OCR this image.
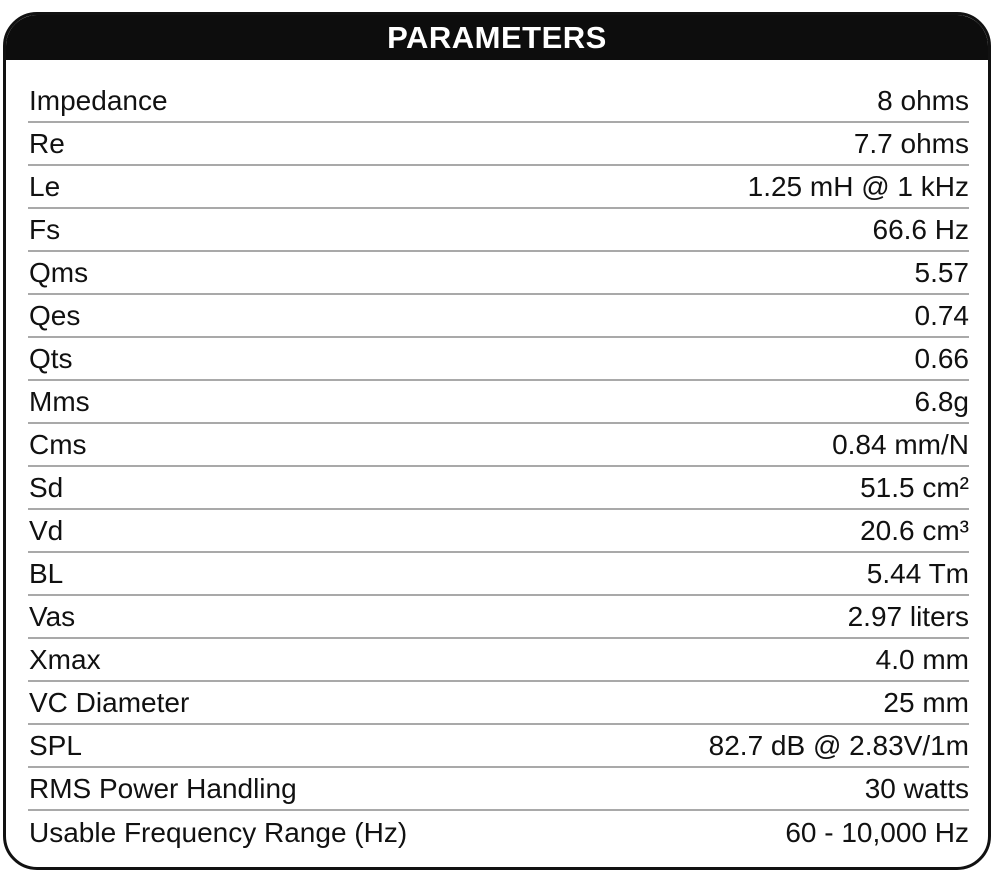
PARAMETERS
Impedance	8 ohms
Re	7.7 ohms
Le	1.25 mH @ 1 kHz
Fs	66.6 Hz
Qms	5.57
Qes	0.74
Qts	0.66
Mms	6.8g
Cms	0.84 mm/N
Sd	51.5 cm²
Vd	20.6 cm³
BL	5.44 Tm
Vas	2.97 liters
Xmax	4.0 mm
VC Diameter	25 mm
SPL	82.7 dB @ 2.83V/1m
RMS Power Handling	30 watts
Usable Frequency Range (Hz)	60 - 10,000 Hz
